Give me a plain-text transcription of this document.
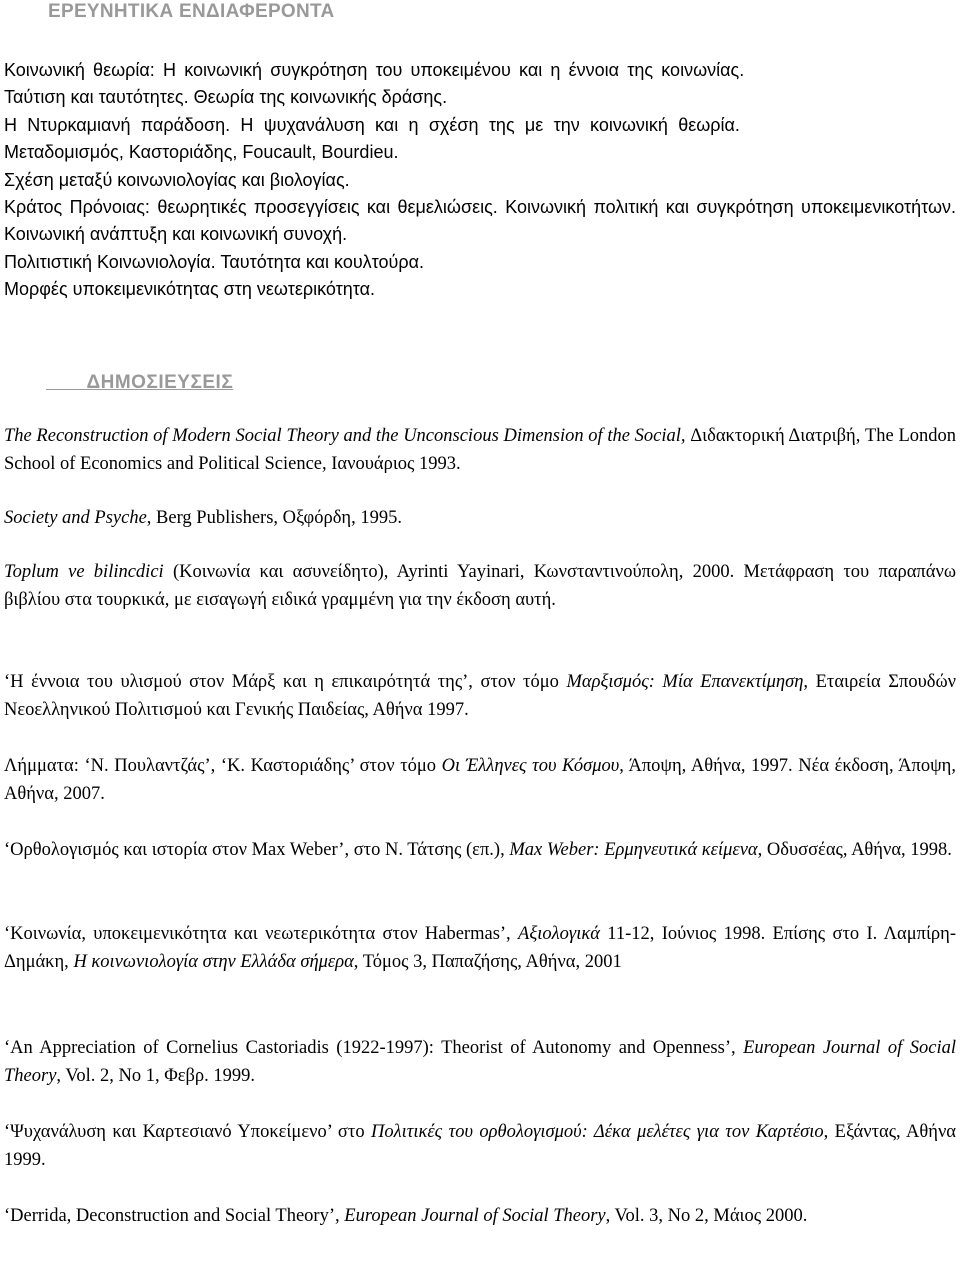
ΕΡΕΥΝΗΤΙΚΑ ΕΝΔΙΑΦΕΡΟΝΤΑ
Κοινωνική θεωρία: Η κοινωνική συγκρότηση του υποκειμένου και η έννοια της κοινωνίας.
Ταύτιση και ταυτότητες. Θεωρία της κοινωνικής δράσης.
Η Ντυρκαμιανή παράδοση. Η ψυχανάλυση και η σχέση της με την κοινωνική θεωρία.
Μεταδομισμός, Καστοριάδης, Foucault, Bourdieu.
Σχέση μεταξύ κοινωνιολογίας και βιολογίας.
Κράτος Πρόνοιας: θεωρητικές προσεγγίσεις και θεμελιώσεις. Κοινωνική πολιτική και συγκρότηση υποκειμενικοτήτων. Κοινωνική ανάπτυξη και κοινωνική συνοχή.
Πολιτιστική Κοινωνιολογία. Ταυτότητα και κουλτούρα.
Μορφές υποκειμενικότητας στη νεωτερικότητα.
ΔΗΜΟΣΙΕΥΣΕΙΣ

The Reconstruction of Modern Social Theory and the Unconscious Dimension of the Social, Διδακτορική Διατριβή, The London School of Economics and Political Science, Ιανουάριος 1993.

Society and Psyche, Berg Publishers, Οξφόρδη, 1995.

Toplum ve bilincdici (Κοινωνία και ασυνείδητο), Ayrinti Yayinari, Κωνσταντινούπολη, 2000. Μετάφραση του παραπάνω βιβλίου στα τουρκικά, με εισαγωγή ειδικά γραμμένη για την έκδοση αυτή.

‘Η έννοια του υλισμού στον Μάρξ και η επικαιρότητά της’, στον τόμο Μαρξισμός: Μία Επανεκτίμηση, Εταιρεία Σπουδών Νεοελληνικού Πολιτισμού και Γενικής Παιδείας, Αθήνα 1997.

Λήμματα: ‘Ν. Πουλαντζάς’, ‘Κ. Καστοριάδης’ στον τόμο Οι Έλληνες του Κόσμου, Άποψη, Αθήνα, 1997. Νέα έκδοση, Άποψη, Αθήνα, 2007.

‘Ορθολογισμός και ιστορία στον Max Weber’, στο Ν. Τάτσης (επ.), Max Weber: Ερμηνευτικά κείμενα, Οδυσσέας, Αθήνα, 1998.

‘Κοινωνία, υποκειμενικότητα και νεωτερικότητα στον Habermas’, Αξιολογικά 11-12, Ιούνιος 1998. Επίσης στο Ι. Λαμπίρη-Δημάκη, Η κοινωνιολογία στην Ελλάδα σήμερα, Τόμος 3, Παπαζήσης, Αθήνα, 2001

‘An Appreciation of Cornelius Castoriadis (1922-1997): Theorist of Autonomy and Openness’, European Journal of Social Theory, Vol. 2, No 1, Φεβρ. 1999.

‘Ψυχανάλυση και Καρτεσιανό Υποκείμενο’ στο Πολιτικές του ορθολογισμού: Δέκα μελέτες για τον Καρτέσιο, Εξάντας, Αθήνα 1999.

‘Derrida, Deconstruction and Social Theory’, European Journal of Social Theory, Vol. 3, No 2, Μάιος 2000.
